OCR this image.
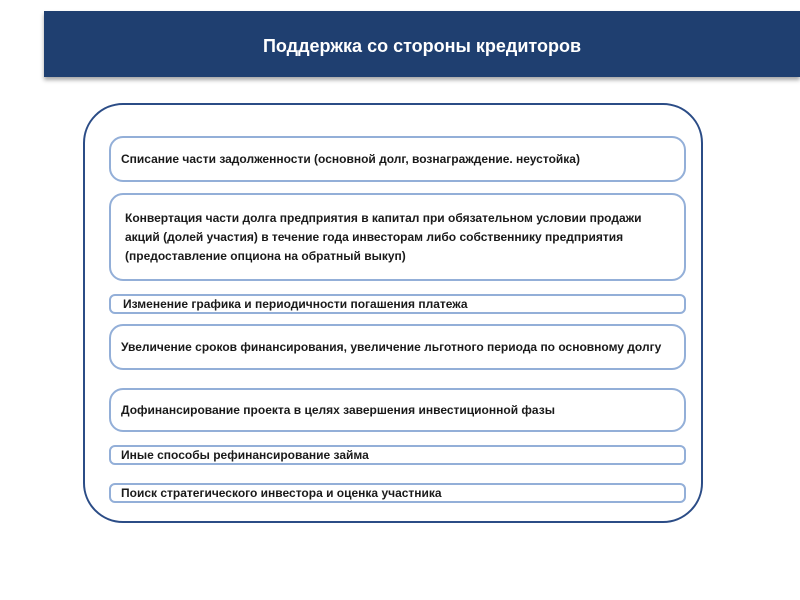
Поддержка со стороны кредиторов
Списание части задолженности (основной долг, вознаграждение. неустойка)
Конвертация части долга предприятия в капитал при обязательном условии продажи акций (долей участия) в течение года инвесторам либо собственнику предприятия (предоставление опциона на обратный выкуп)
Изменение графика и периодичности погашения платежа
Увеличение сроков финансирования, увеличение льготного периода по основному долгу
Дофинансирование проекта в целях завершения инвестиционной фазы
Иные способы рефинансирование займа
Поиск стратегического инвестора и оценка участника
